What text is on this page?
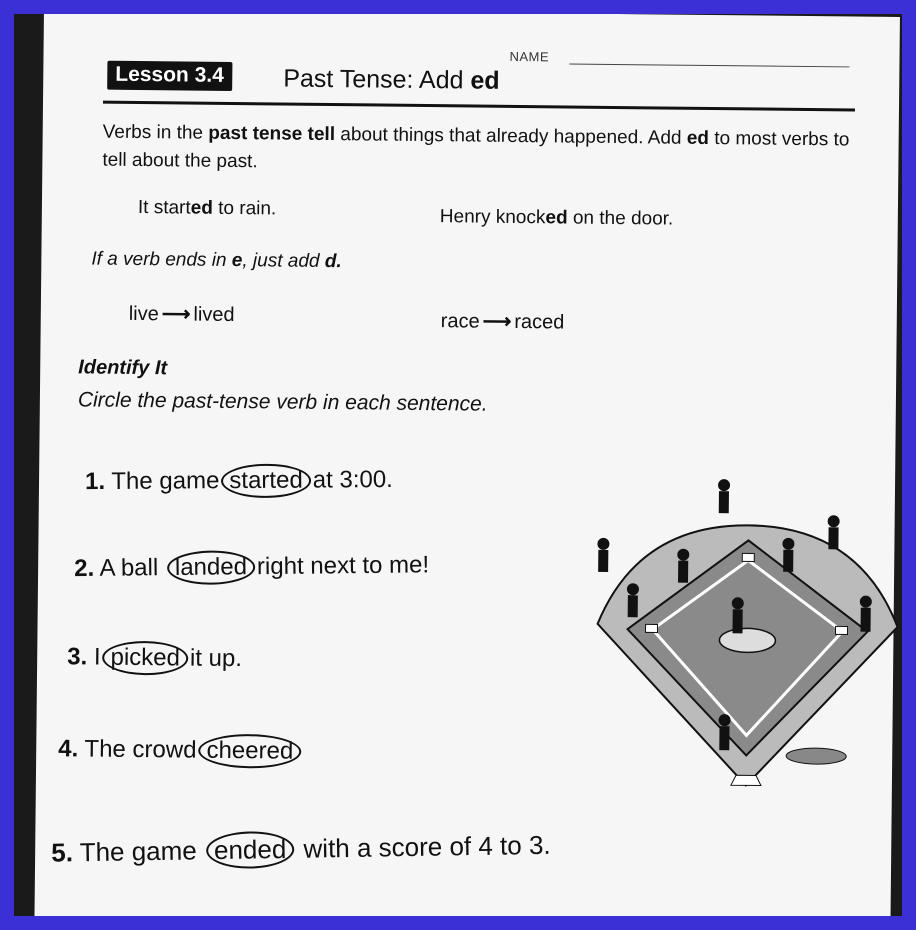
NAME
Lesson 3.4	Past Tense: Add ed
Verbs in the past tense tell about things that already happened. Add ed to most verbs to tell about the past.
It started to rain.	Henry knocked on the door.
If a verb ends in e, just add d.
live ⟶ lived	race ⟶ raced
Identify It
Circle the past-tense verb in each sentence.
1. The game started at 3:00.
2. A ball landed right next to me!
3. I picked it up.
4. The crowd cheered
5. The game ended with a score of 4 to 3.
